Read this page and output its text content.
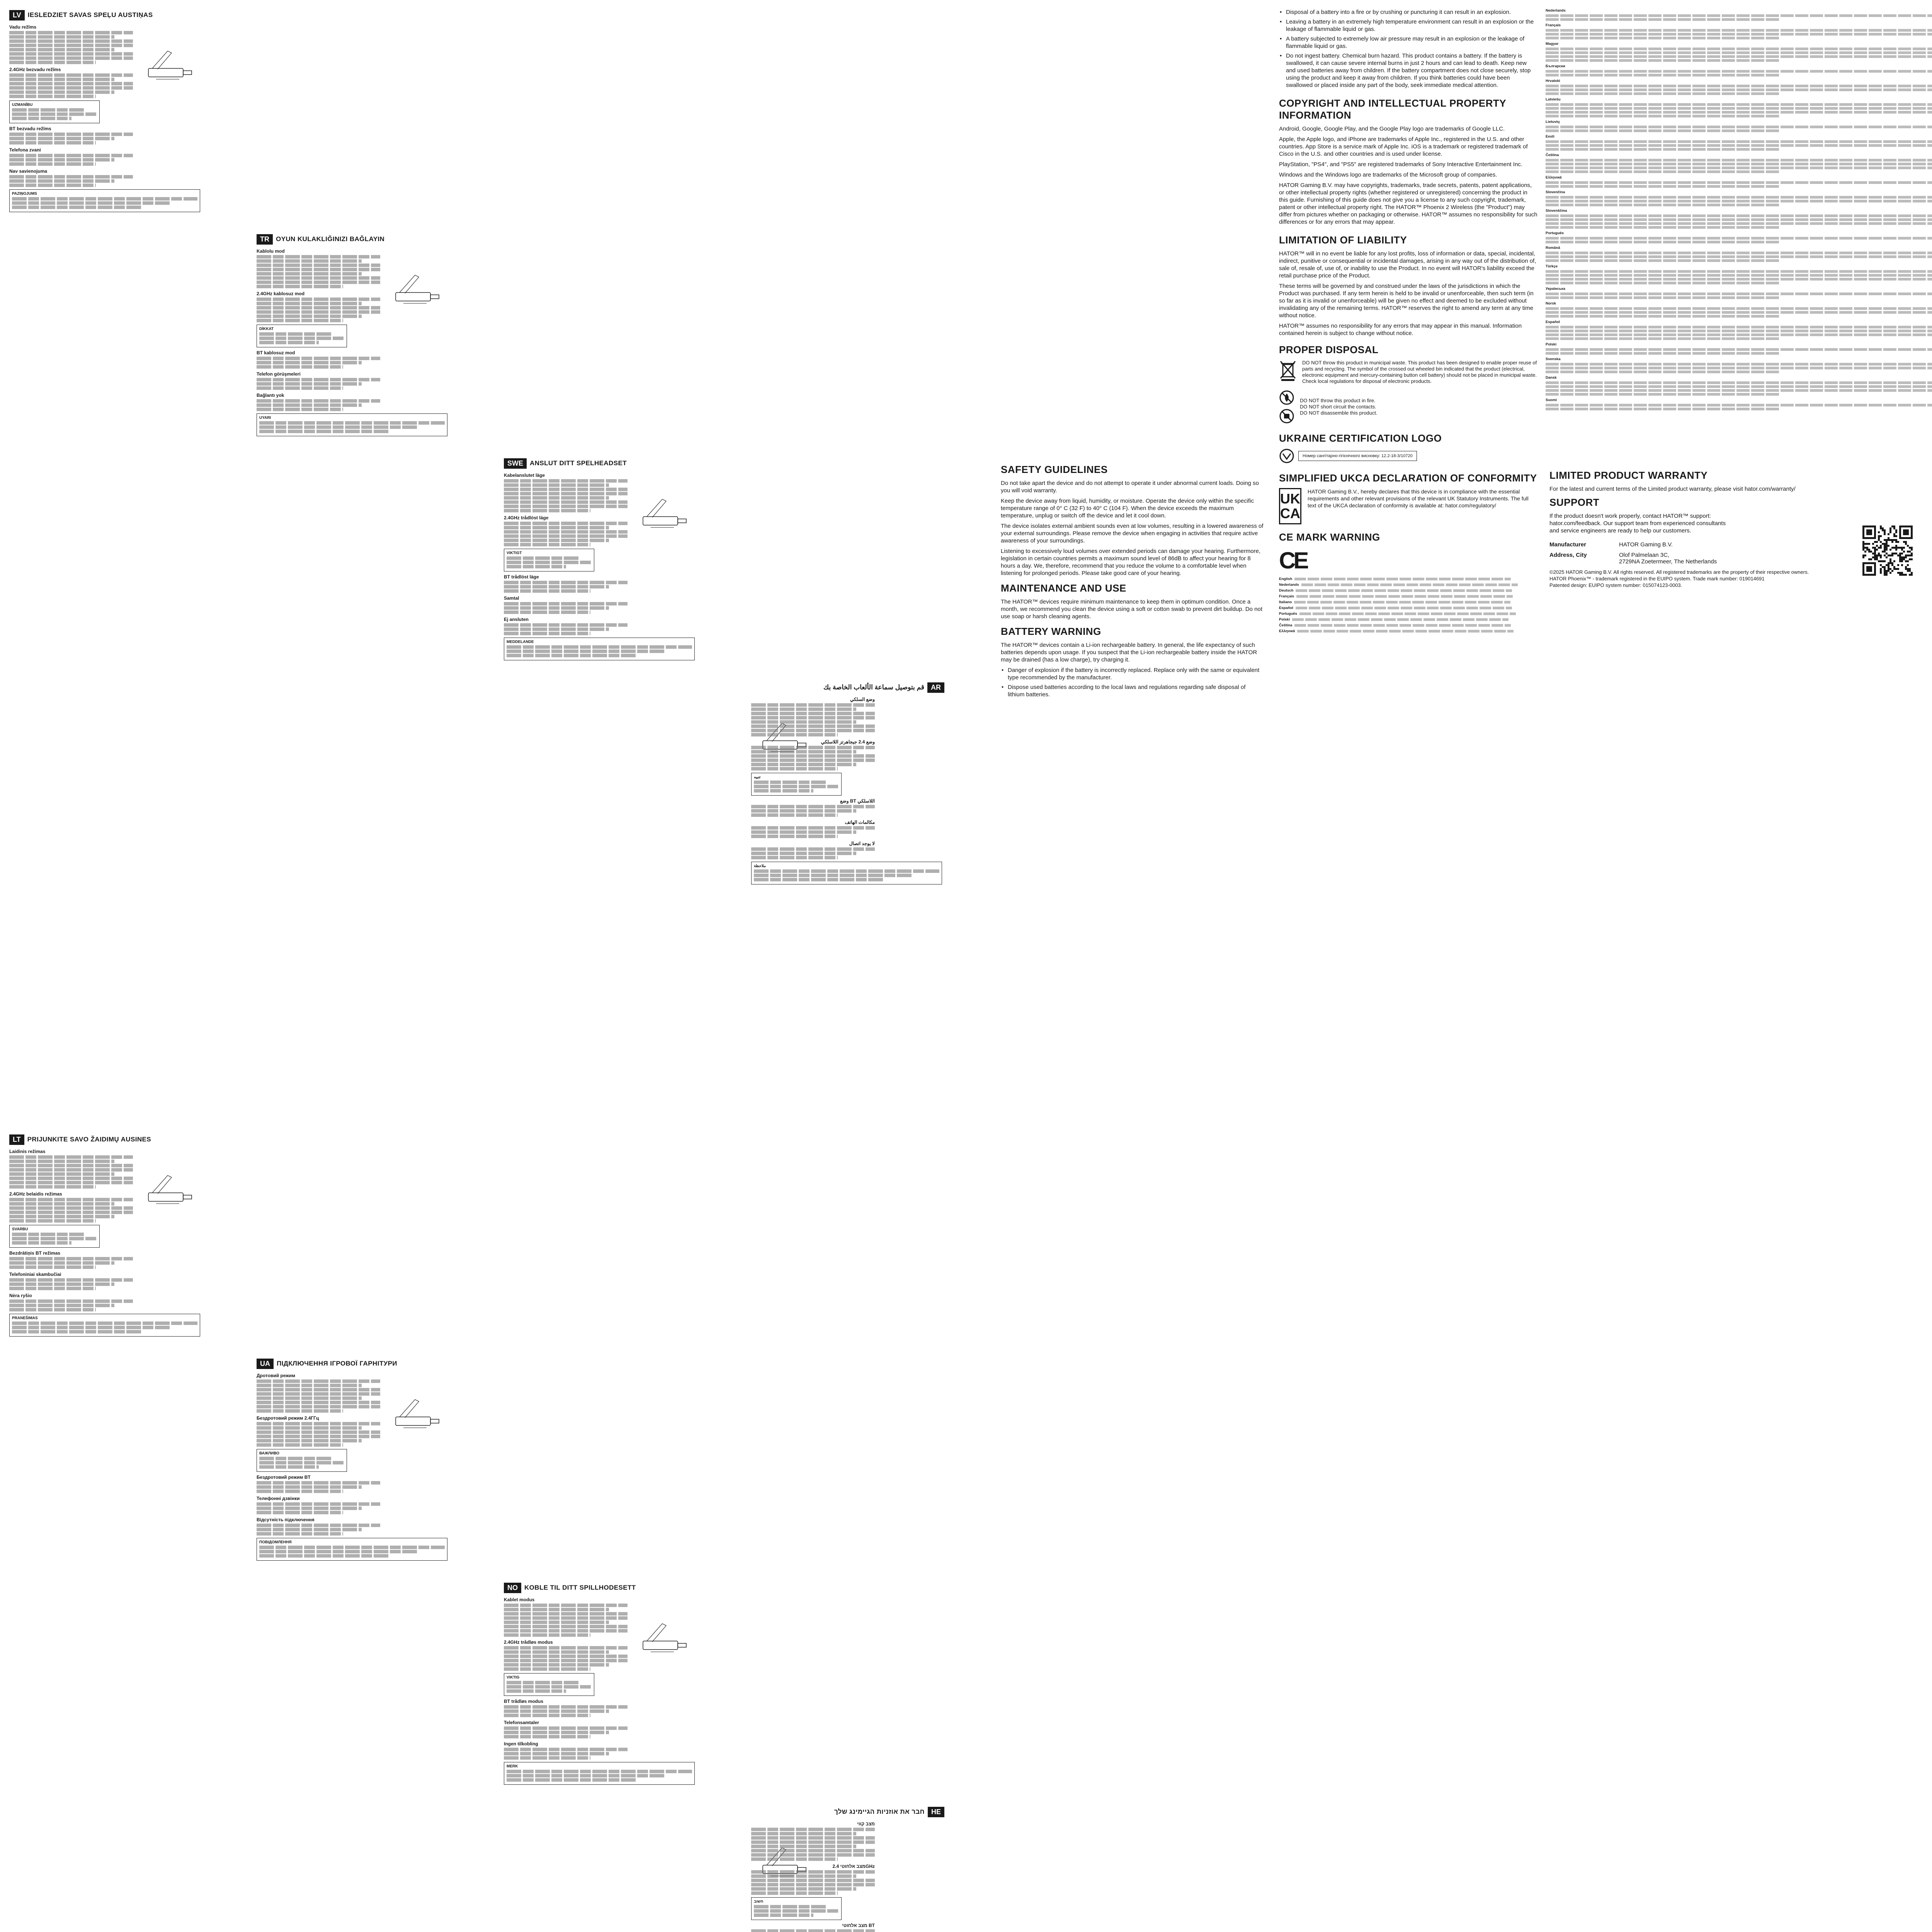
LV	IESLEDZIET SAVAS SPEĻU AUSTIŅAS
Vadu režīms
2.4GHz bezvadu režīms
UZMANĪBU
BT bezvadu režīms
Telefona zvani
Nav savienojuma
PAZIŅOJUMS
TR	OYUN KULAKLIĞINIZI BAĞLAYIN
Kablolu mod
2.4GHz kablosuz mod
DİKKAT
BT kablosuz mod
Telefon görüşmeleri
Bağlantı yok
UYARI
SWE	ANSLUT DITT SPELHEADSET
Kabelanslutet läge
2.4GHz trådlöst läge
VIKTIGT
BT trådlöst läge
Samtal
Ej ansluten
MEDDELANDE
AR
قم بتوصيل سماعة الألعاب الخاصة بك
وضع السلكي
وضع 2.4 جيجاهرتز اللاسلكي
تنبيه
وضع BT اللاسلكي
مكالمات الهاتف
لا يوجد اتصال
ملاحظة
LT	PRIJUNKITE SAVO ŽAIDIMŲ AUSINES
Laidinis režimas
2.4GHz belaidis režimas
SVARBU
Bezdrātiņis BT režimas
Telefoniniai skambučiai
Nėra ryšio
PRANEŠIMAS
UA	ПІДКЛЮЧЕННЯ ІГРОВОЇ ГАРНІТУРИ
Дротовий режим
Бездротовий режим 2.4ГГц
ВАЖЛИВО
Бездротовий режим BT
Телефонні дзвінки
Відсутність підключення
ПОВІДОМЛЕННЯ
NO	KOBLE TIL DITT SPILLHODESETT
Kablet modus
2.4GHz trådløs modus
VIKTIG
BT trådløs modus
Telefonsamtaler
Ingen tilkobling
MERK
HE
חבר את אוזניות הגיימינג שלך
מצב קווי
מצב אלחוטי 2.4GHz
חשוב
מצב אלחוטי BT
SAFETY GUIDELINES
Do not take apart the device and do not attempt to operate it under abnormal current loads. Doing so you will void warranty.
Keep the device away from liquid, humidity, or moisture. Operate the device only within the specific temperature range of 0° C (32 F) to 40° C (104 F). When the device exceeds the maximum temperature, unplug or switch off the device and let it cool down.
The device isolates external ambient sounds even at low volumes, resulting in a lowered awareness of your external surroundings. Please remove the device when engaging in activities that require active awareness of your surroundings.
Listening to excessively loud volumes over extended periods can damage your hearing. Furthermore, legislation in certain countries permits a maximum sound level of 86dB to affect your hearing for 8 hours a day. We, therefore, recommend that you reduce the volume to a comfortable level when listening for prolonged periods. Please take good care of your hearing.
MAINTENANCE AND USE
The HATOR™ devices require minimum maintenance to keep them in optimum condition. Once a month, we recommend you clean the device using a soft or cotton swab to prevent dirt buildup. Do not use soap or harsh cleaning agents.
BATTERY WARNING
The HATOR™ devices contain a Li-ion rechargeable battery. In general, the life expectancy of such batteries depends upon usage. If you suspect that the Li-ion rechargeable battery inside the HATOR may be drained (has a low charge), try charging it.
• Danger of explosion if the battery is incorrectly replaced. Replace only with the same or equivalent type recommended by the manufacturer.
• Dispose used batteries according to the local laws and regulations regarding safe disposal of lithium batteries.
• Disposal of a battery into a fire or by crushing or puncturing it can result in an explosion.
• Leaving a battery in an extremely high temperature environment can result in an explosion or the leakage of flammable liquid or gas.
• A battery subjected to extremely low air pressure may result in an explosion or the leakage of flammable liquid or gas.
• Do not ingest battery. Chemical burn hazard. This product contains a battery. If the battery is swallowed, it can cause severe internal burns in just 2 hours and can lead to death. Keep new and used batteries away from children. If the battery compartment does not close securely, stop using the product and keep it away from children. If you think batteries could have been swallowed or placed inside any part of the body, seek immediate medical attention.
COPYRIGHT AND INTELLECTUAL PROPERTY INFORMATION
Android, Google, Google Play, and the Google Play logo are trademarks of Google LLC.
Apple, the Apple logo, and iPhone are trademarks of Apple Inc., registered in the U.S. and other countries. App Store is a service mark of Apple Inc. iOS is a trademark or registered trademark of Cisco in the U.S. and other countries and is used under license.
PlayStation, "PS4", and "PS5" are registered trademarks of Sony Interactive Entertainment Inc.
Windows and the Windows logo are trademarks of the Microsoft group of companies.
HATOR Gaming B.V. may have copyrights, trademarks, trade secrets, patents, patent applications, or other intellectual property rights (whether registered or unregistered) concerning the product in this guide. Furnishing of this guide does not give you a license to any such copyright, trademark, patent or other intellectual property right. The HATOR™ Phoenix 2 Wireless (the "Product") may differ from pictures whether on packaging or otherwise. HATOR™ assumes no responsibility for such differences or for any errors that may appear.
LIMITATION OF LIABILITY
HATOR™ will in no event be liable for any lost profits, loss of information or data, special, incidental, indirect, punitive or consequential or incidental damages, arising in any way out of the distribution of, sale of, resale of, use of, or inability to use the Product. In no event will HATOR's liability exceed the retail purchase price of the Product.
These terms will be governed by and construed under the laws of the jurisdictions in which the Product was purchased. If any term herein is held to be invalid or unenforceable, then such term (in so far as it is invalid or unenforceable) will be given no effect and deemed to be excluded without invalidating any of the remaining terms. HATOR™ reserves the right to amend any term at any time without notice.
HATOR™ assumes no responsibility for any errors that may appear in this manual. Information contained herein is subject to change without notice.
PROPER DISPOSAL
DO NOT throw this product in municipal waste. This product has been designed to enable proper reuse of parts and recycling. The symbol of the crossed out wheeled bin indicated that the product (electrical, electronic equipment and mercury-containing button cell battery) should not be placed in municipal waste. Check local regulations for disposal of electronic products.
DO NOT throw this product in fire.
DO NOT short circuit the contacts.
DO NOT disassemble this product.
UKRAINE CERTIFICATION LOGO
Номер сангiтарно-гiгiєнiчного висновку: 12.2-18-3/10720
SIMPLIFIED UKCA DECLARATION OF CONFORMITY
UK
CA
HATOR Gaming B.V., hereby declares that this device is in compliance with the essential requirements and other relevant provisions of the relevant UK Statutory Instruments. The full text of the UKCA declaration of conformity is available at: hator.com/regulatory/
CE MARK WARNING
CE
English
Nederlands
Deutsch
Français
Italiano
Español
Português
Polski
Čeština
Ελληνικά
Nederlands
Français
Magyar
Български
Hrvatski
Latviešu
Lietuvių
Eesti
Čeština
Ελληνικά
Slovenčina
Slovenščina
Português
Română
Türkçe
Українська
Norsk
Español
Polski
Svenska
Dansk
Suomi
LIMITED PRODUCT WARRANTY
For the latest and current terms of the Limited product warranty, please visit hator.com/warranty/
SUPPORT
If the product doesn't work properly, contact HATOR™ support: hator.com/feedback. Our support team from experienced consultants and service engineers are ready to help our customers.
Manufacturer	HATOR Gaming B.V.
Address, City	Olof Palmelaan 3C,
2729NA Zoetermeer, The Netherlands
©2025 HATOR Gaming B.V. All rights reserved. All registered trademarks are the property of their respective owners.
HATOR Phoenix™ - trademark registered in the EUIPO system. Trade mark number: 019014691
Patented design: EUIPO system number: 015074123-0003.
